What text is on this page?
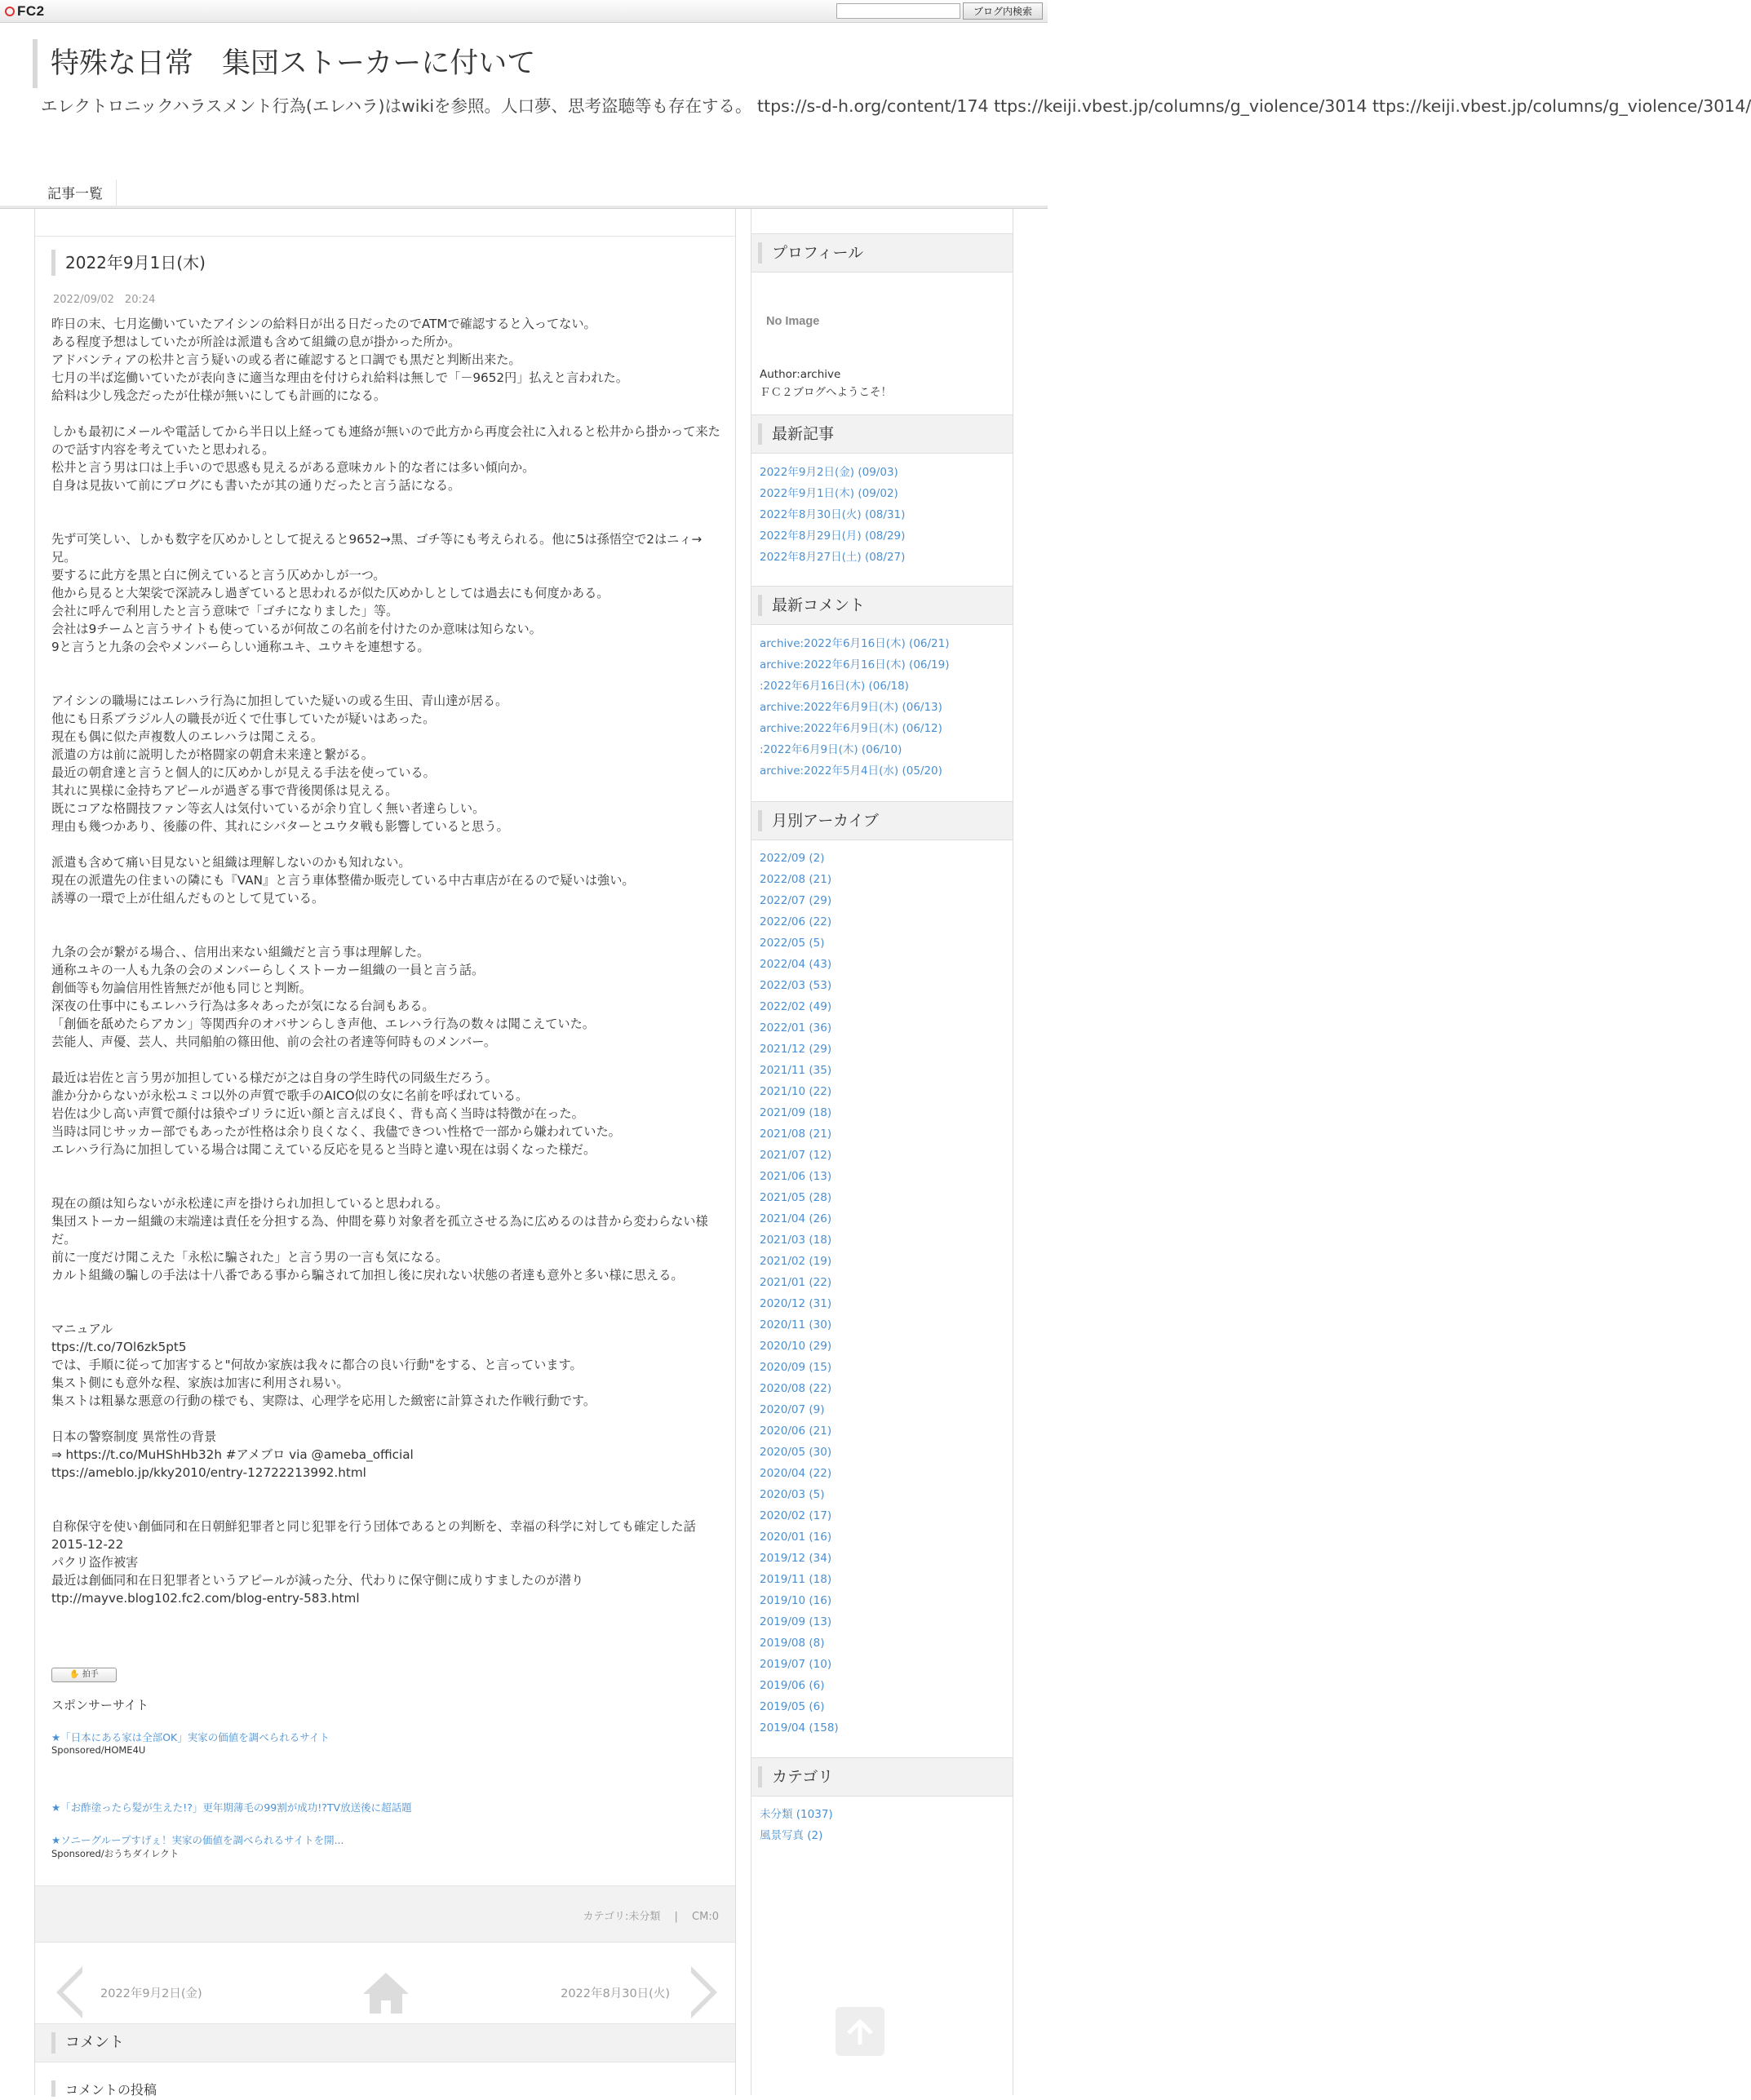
FC2	ブログ内検索
特殊な日常　集団ストーカーに付いて
エレクトロニックハラスメント行為(エレハラ)はwikiを参照。人口夢、思考盗聴等も存在する。 ttps://s-d-h.org/content/174 ttps://keiji.vbest.jp/columns/g_violence/3014 ttps://keiji.vbest.jp/columns/g_violence/3014/
記事一覧
2022年9月1日(木)
2022/09/02　20:24

昨日の末、七月迄働いていたアイシンの給料日が出る日だったのでATMで確認すると入ってない。

ある程度予想はしていたが所詮は派遣も含めて組織の息が掛かった所か。

アドバンティアの松井と言う疑いの或る者に確認すると口調でも黒だと判断出来た。

七月の半ば迄働いていたが表向きに適当な理由を付けられ給料は無しで「－9652円」払えと言われた。

給料は少し残念だったが仕様が無いにしても計画的になる。

しかも最初にメールや電話してから半日以上経っても連絡が無いので此方から再度会社に入れると松井から掛かって来たので話す内容を考えていたと思われる。

松井と言う男は口は上手いので思惑も見えるがある意味カルト的な者には多い傾向か。

自身は見抜いて前にブログにも書いたが其の通りだったと言う話になる。

先ず可笑しい、しかも数字を仄めかしとして捉えると9652→黒、ゴチ等にも考えられる。他に5は孫悟空で2はニィ→兄。

要するに此方を黒と白に例えていると言う仄めかしが一つ。

他から見ると大架裟で深読みし過ぎていると思われるが似た仄めかしとしては過去にも何度かある。

会社に呼んで利用したと言う意味で「ゴチになりました」等。

会社は9チームと言うサイトも使っているが何故この名前を付けたのか意味は知らない。

9と言うと九条の会やメンバーらしい通称ユキ、ユウキを連想する。

アイシンの職場にはエレハラ行為に加担していた疑いの或る生田、青山達が居る。

他にも日系ブラジル人の職長が近くで仕事していたが疑いはあった。

現在も偶に似た声複数人のエレハラは聞こえる。

派遣の方は前に説明したが格闘家の朝倉未来達と繋がる。

最近の朝倉達と言うと個人的に仄めかしが見える手法を使っている。

其れに異様に金持ちアピールが過ぎる事で背後関係は見える。

既にコアな格闘技ファン等玄人は気付いているが余り宜しく無い者達らしい。

理由も幾つかあり、後藤の件、其れにシバターとユウタ戦も影響していると思う。

派遣も含めて痛い目見ないと組織は理解しないのかも知れない。

現在の派遣先の住まいの隣にも『VAN』と言う車体整備か販売している中古車店が在るので疑いは強い。

誘導の一環で上が仕組んだものとして見ている。

九条の会が繋がる場合、、信用出来ない組織だと言う事は理解した。

通称ユキの一人も九条の会のメンバーらしくストーカー組織の一員と言う話。

創価等も勿論信用性皆無だが他も同じと判断。

深夜の仕事中にもエレハラ行為は多々あったが気になる台詞もある。

「創価を舐めたらアカン」等関西弁のオバサンらしき声他、エレハラ行為の数々は聞こえていた。

芸能人、声優、芸人、共同船舶の篠田他、前の会社の者達等何時ものメンバー。

最近は岩佐と言う男が加担している様だが之は自身の学生時代の同級生だろう。

誰か分からないが永松ユミコ以外の声質で歌手のAICO似の女に名前を呼ばれている。

岩佐は少し高い声質で顔付は猿やゴリラに近い顔と言えば良く、背も高く当時は特徴が在った。

当時は同じサッカー部でもあったが性格は余り良くなく、我儘できつい性格で一部から嫌われていた。

エレハラ行為に加担している場合は聞こえている反応を見ると当時と違い現在は弱くなった様だ。

現在の顔は知らないが永松達に声を掛けられ加担していると思われる。

集団ストーカー組織の末端達は責任を分担する為、仲間を募り対象者を孤立させる為に広めるのは昔から変わらない様だ。

前に一度だけ聞こえた「永松に騙された」と言う男の一言も気になる。

カルト組織の騙しの手法は十八番である事から騙されて加担し後に戻れない状態の者達も意外と多い様に思える。

マニュアル

ttps://t.co/7Ol6zk5pt5

では、手順に従って加害すると"何故か家族は我々に都合の良い行動"をする、と言っています。

集スト側にも意外な程、家族は加害に利用され易い。

集ストは粗暴な悪意の行動の様でも、実際は、心理学を応用した緻密に計算された作戦行動です。

日本の警察制度 異常性の背景

⇒ https://t.co/MuHShHb32h #アメブロ via @ameba_official

ttps://ameblo.jp/kky2010/entry-12722213992.html

自称保守を使い創価同和在日朝鮮犯罪者と同じ犯罪を行う団体であるとの判断を、幸福の科学に対しても確定した話

2015-12-22

パクリ盗作被害

最近は創価同和在日犯罪者というアピールが減った分、代わりに保守側に成りすましたのが潜り

ttp://mayve.blog102.fc2.com/blog-entry-583.html

✋ 拍手
スポンサーサイト
★「日本にある家は全部OK」実家の価値を調べられるサイト
Sponsored/HOME4U
★「お酢塗ったら髪が生えた!?」更年期薄毛の99割が成功!?TV放送後に超話題
★ソニーグループすげぇ！実家の価値を調べられるサイトを開...
Sponsored/おうちダイレクト
カテゴリ:未分類 　|　 CM:0
2022年9月2日(金)	2022年8月30日(火)
コメント
コメントの投稿
プロフィール
No Image
Author:archive
ＦＣ２ブログへようこそ！
最新記事
2022年9月2日(金) (09/03)
2022年9月1日(木) (09/02)
2022年8月30日(火) (08/31)
2022年8月29日(月) (08/29)
2022年8月27日(土) (08/27)
最新コメント
archive:2022年6月16日(木) (06/21)
archive:2022年6月16日(木) (06/19)
:2022年6月16日(木) (06/18)
archive:2022年6月9日(木) (06/13)
archive:2022年6月9日(木) (06/12)
:2022年6月9日(木) (06/10)
archive:2022年5月4日(水) (05/20)
月別アーカイブ
2022/09 (2)
2022/08 (21)
2022/07 (29)
2022/06 (22)
2022/05 (5)
2022/04 (43)
2022/03 (53)
2022/02 (49)
2022/01 (36)
2021/12 (29)
2021/11 (35)
2021/10 (22)
2021/09 (18)
2021/08 (21)
2021/07 (12)
2021/06 (13)
2021/05 (28)
2021/04 (26)
2021/03 (18)
2021/02 (19)
2021/01 (22)
2020/12 (31)
2020/11 (30)
2020/10 (29)
2020/09 (15)
2020/08 (22)
2020/07 (9)
2020/06 (21)
2020/05 (30)
2020/04 (22)
2020/03 (5)
2020/02 (17)
2020/01 (16)
2019/12 (34)
2019/11 (18)
2019/10 (16)
2019/09 (13)
2019/08 (8)
2019/07 (10)
2019/06 (6)
2019/05 (6)
2019/04 (158)
カテゴリ
未分類 (1037)
風景写真 (2)
